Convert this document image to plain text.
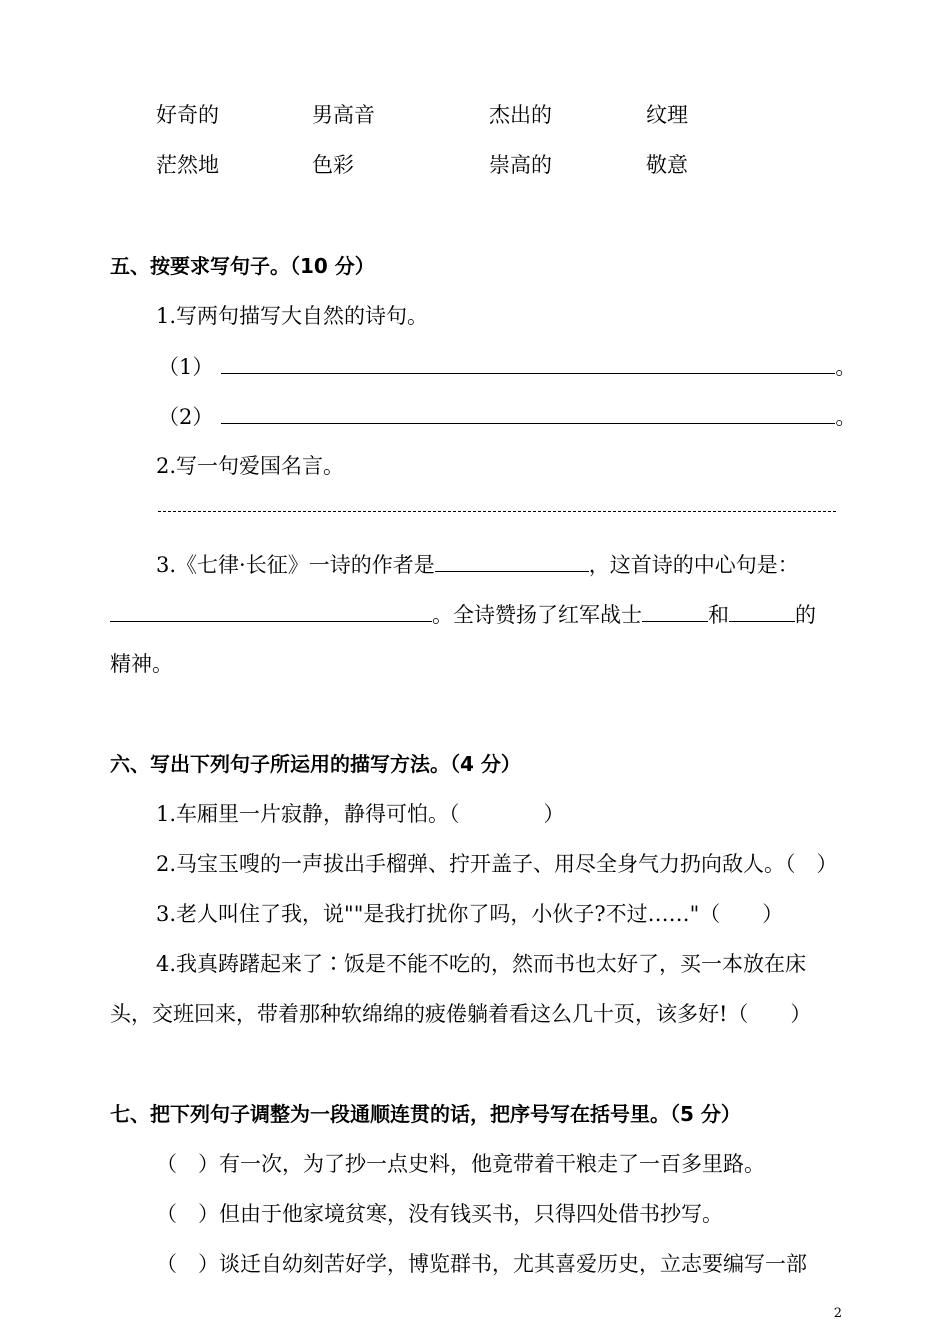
好奇的	男高音	杰出的	纹理
茫然地	色彩	崇高的	敬意
五、按要求写句子。（10 分）
1.写两句描写大自然的诗句。
（1）	。
（2）	。
2.写一句爱国名言。
3.《七律·长征》一诗的作者是	，这首诗的中心句是：
。全诗赞扬了红军战士	和	的
精神。
六、写出下列句子所运用的描写方法。（4 分）
1.车厢里一片寂静，静得可怕。（　　　　）
2.马宝玉嗖的一声拔出手榴弹、拧开盖子、用尽全身气力扔向敌人。（　）
3.老人叫住了我，说""是我打扰你了吗，小伙子?不过……"（　　）
4.我真踌躇起来了∶饭是不能不吃的，然而书也太好了，买一本放在床
头，交班回来，带着那种软绵绵的疲倦躺着看这么几十页，该多好!（　　）
七、把下列句子调整为一段通顺连贯的话，把序号写在括号里。（5 分）
（　）有一次，为了抄一点史料，他竟带着干粮走了一百多里路。
（　）但由于他家境贫寒，没有钱买书，只得四处借书抄写。
（　）谈迁自幼刻苦好学，博览群书，尤其喜爱历史，立志要编写一部
2
